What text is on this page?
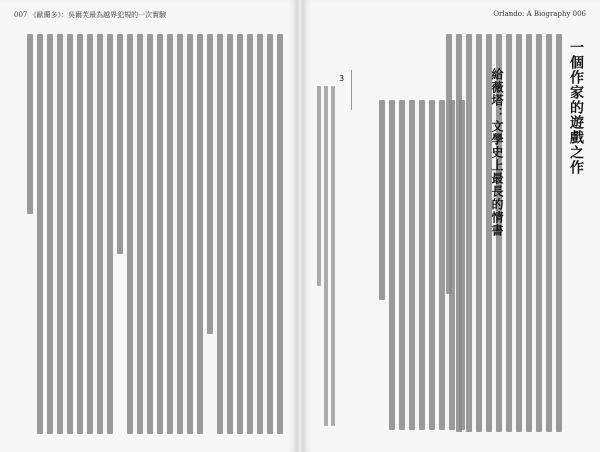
007 《歐蘭多》：吳爾芙最為越界犯規的一次實驗	Orlando: A Biography 006
一個作家的遊戲之作
給薇塔：文學史上最長的情書
3
